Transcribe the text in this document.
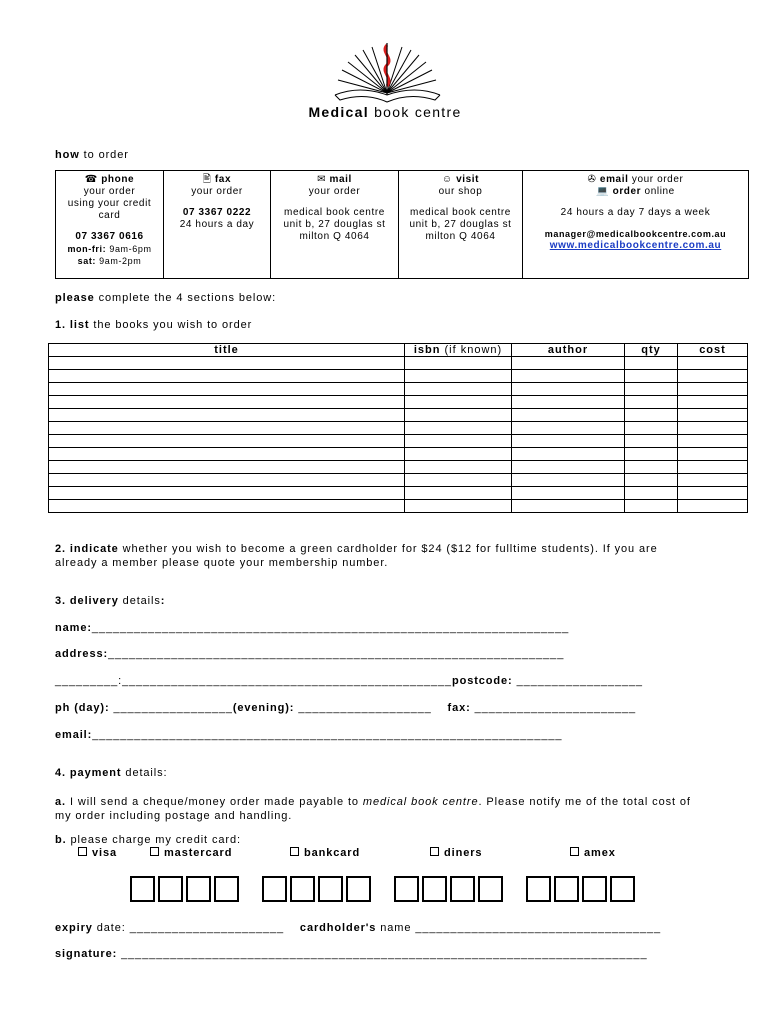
Medical book centre
how to order
☎ phone
your order
using your credit
card
07 3367 0616
mon-fri: 9am-6pm
sat: 9am-2pm

🖹 fax
your order
07 3367 0222
24 hours a day

✉ mail
your order
medical book centre
unit b, 27 douglas st
milton Q 4064

☺ visit
our shop
medical book centre
unit b, 27 douglas st
milton Q 4064

✇ email your order
💻 order online
24 hours a day 7 days a week
manager@medicalbookcentre.com.au
www.medicalbookcentre.com.au
please complete the 4 sections below:
1. list the books you wish to order
title	isbn (if known)	author	qty	cost

2. indicate whether you wish to become a green cardholder for $24 ($12 for fulltime students). If you are
already a member please quote your membership number.
3. delivery details:
name:____________________________________________________________________
address:_________________________________________________________________
_________:_______________________________________________postcode: __________________
ph (day): _________________(evening): ___________________ fax: _______________________
email:___________________________________________________________________
4. payment details:
a. I will send a cheque/money order made payable to medical book centre. Please notify me of the total cost of
my order including postage and handling.
b. please charge my credit card:
visa	mastercard	bankcard	diners	amex
expiry date: ______________________ cardholder's name ___________________________________
signature: ___________________________________________________________________________
